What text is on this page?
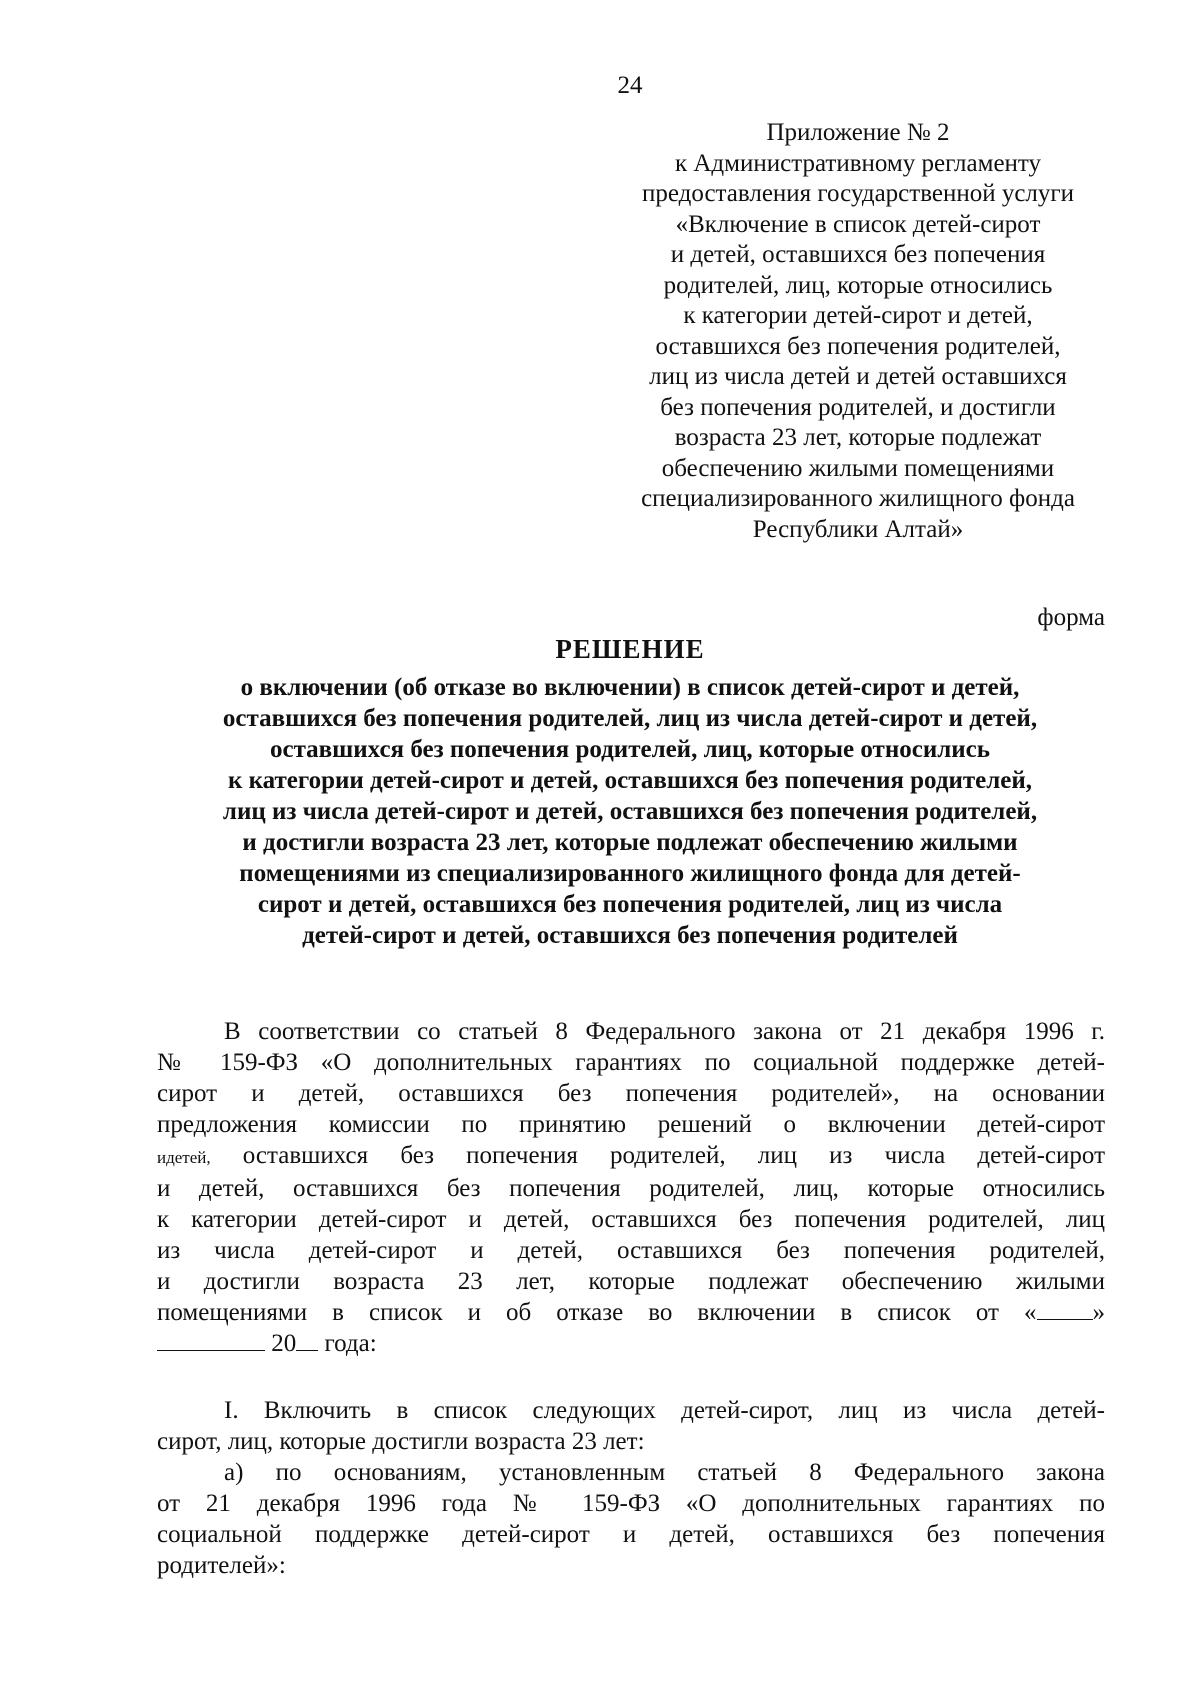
24
Приложение № 2
к Административному регламенту
предоставления государственной услуги
«Включение в список детей-сирот
и детей, оставшихся без попечения
родителей, лиц, которые относились
к категории детей-сирот и детей,
оставшихся без попечения родителей,
лиц из числа детей и детей оставшихся
без попечения родителей, и достигли
возраста 23 лет, которые подлежат
обеспечению жилыми помещениями
специализированного жилищного фонда
Республики Алтай»
форма
РЕШЕНИЕ
о включении (об отказе во включении) в список детей-сирот и детей,
оставшихся без попечения родителей, лиц из числа детей-сирот и детей,
оставшихся без попечения родителей, лиц, которые относились
к категории детей-сирот и детей, оставшихся без попечения родителей,
лиц из числа детей-сирот и детей, оставшихся без попечения родителей,
и достигли возраста 23 лет, которые подлежат обеспечению жилыми
помещениями из специализированного жилищного фонда для детей-
сирот и детей, оставшихся без попечения родителей, лиц из числа
детей-сирот и детей, оставшихся без попечения родителей
В соответствии со статьей 8 Федерального закона от 21 декабря 1996 г.
№ 159-ФЗ «О дополнительных гарантиях по социальной поддержке детей-
сирот и детей, оставшихся без попечения родителей», на основании
предложения комиссии по принятию решений о включении детей-сирот
идетей, оставшихся без попечения родителей, лиц из числа детей-сирот
и детей, оставшихся без попечения родителей, лиц, которые относились
к категории детей-сирот и детей, оставшихся без попечения родителей, лиц
из числа детей-сирот и детей, оставшихся без попечения родителей,
и достигли возраста 23 лет, которые подлежат обеспечению жилыми
помещениями в список и об отказе во включении в список от « »
20 года:
I. Включить в список следующих детей-сирот, лиц из числа детей-
сирот, лиц, которые достигли возраста 23 лет:
а) по основаниям, установленным статьей 8 Федерального закона
от 21 декабря 1996 года № 159-ФЗ «О дополнительных гарантиях по
социальной поддержке детей-сирот и детей, оставшихся без попечения
родителей»:
